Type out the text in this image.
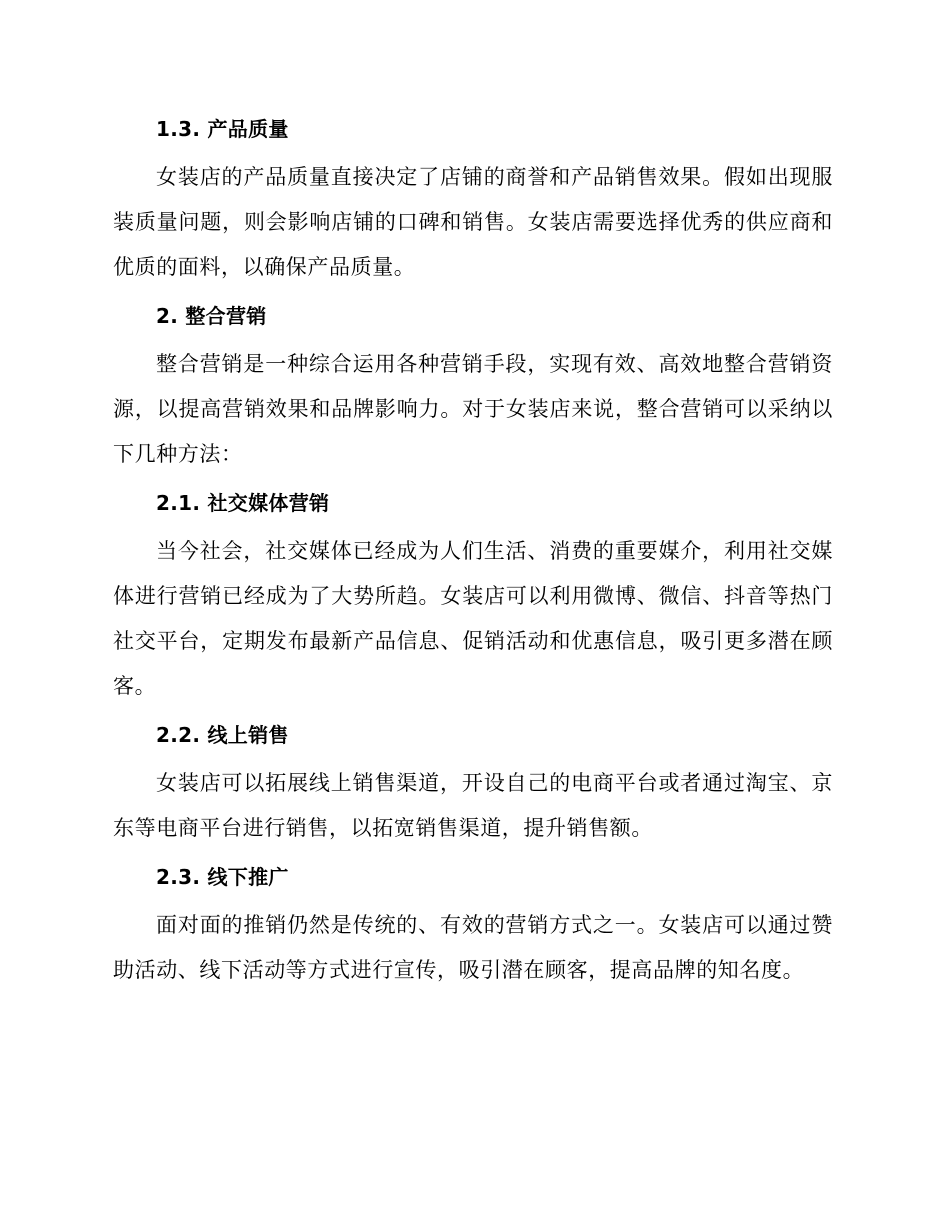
1.3. 产品质量

女装店的产品质量直接决定了店铺的商誉和产品销售效果。假如出现服装质量问题，则会影响店铺的口碑和销售。女装店需要选择优秀的供应商和优质的面料，以确保产品质量。

2. 整合营销

整合营销是一种综合运用各种营销手段，实现有效、高效地整合营销资源，以提高营销效果和品牌影响力。对于女装店来说，整合营销可以采纳以下几种方法：

2.1. 社交媒体营销

当今社会，社交媒体已经成为人们生活、消费的重要媒介，利用社交媒体进行营销已经成为了大势所趋。女装店可以利用微博、微信、抖音等热门社交平台，定期发布最新产品信息、促销活动和优惠信息，吸引更多潜在顾客。

2.2. 线上销售

女装店可以拓展线上销售渠道，开设自己的电商平台或者通过淘宝、京东等电商平台进行销售，以拓宽销售渠道，提升销售额。

2.3. 线下推广

面对面的推销仍然是传统的、有效的营销方式之一。女装店可以通过赞助活动、线下活动等方式进行宣传，吸引潜在顾客，提高品牌的知名度。
